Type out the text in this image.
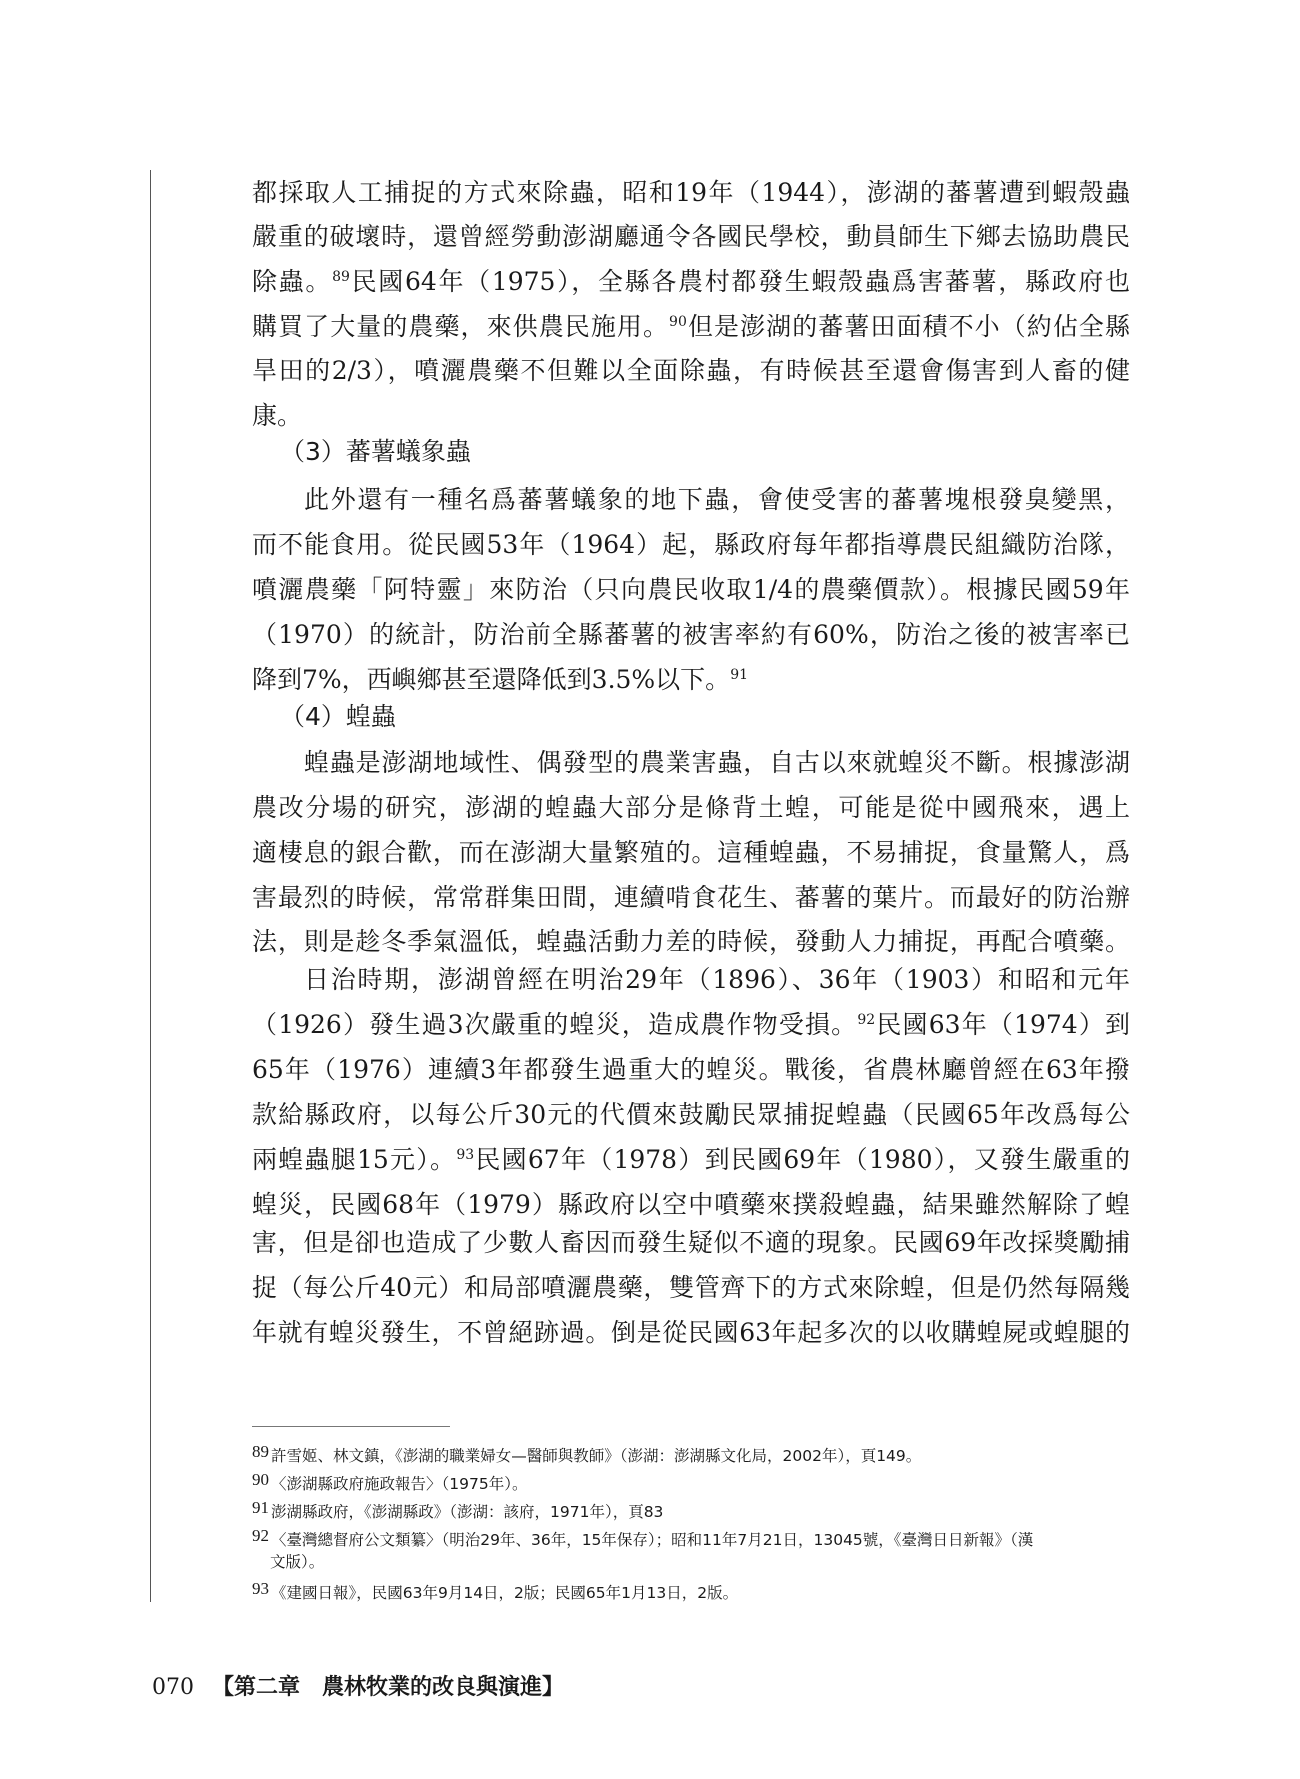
都採取人工捕捉的方式來除蟲，昭和19年（1944），澎湖的蕃薯遭到蝦殼蟲
嚴重的破壞時，還曾經勞動澎湖廳通令各國民學校，動員師生下鄉去協助農民
除蟲。$^{89}$民國64年（1975），全縣各農村都發生蝦殼蟲爲害蕃薯，縣政府也
購買了大量的農藥，來供農民施用。$^{90}$但是澎湖的蕃薯田面積不小（約佔全縣
旱田的2/3），噴灑農藥不但難以全面除蟲，有時候甚至還會傷害到人畜的健
康。
此外還有一種名爲蕃薯蟻象的地下蟲，會使受害的蕃薯塊根發臭變黑，
而不能食用。從民國53年（1964）起，縣政府每年都指導農民組織防治隊，
噴灑農藥「阿特靈」來防治（只向農民收取1/4的農藥價款）。根據民國59年
（1970）的統計，防治前全縣蕃薯的被害率約有60%，防治之後的被害率已
降到7%，西嶼鄉甚至還降低到3.5%以下。$^{91}$
蝗蟲是澎湖地域性、偶發型的農業害蟲，自古以來就蝗災不斷。根據澎湖
農改分場的研究，澎湖的蝗蟲大部分是條背土蝗，可能是從中國飛來，遇上
適棲息的銀合歡，而在澎湖大量繁殖的。這種蝗蟲，不易捕捉，食量驚人，爲
害最烈的時候，常常群集田間，連續啃食花生、蕃薯的葉片。而最好的防治辦
法，則是趁冬季氣溫低，蝗蟲活動力差的時候，發動人力捕捉，再配合噴藥。
日治時期，澎湖曾經在明治29年（1896）、36年（1903）和昭和元年
（1926）發生過3次嚴重的蝗災，造成農作物受損。$^{92}$民國63年（1974）到
65年（1976）連續3年都發生過重大的蝗災。戰後，省農林廳曾經在63年撥
款給縣政府，以每公斤30元的代價來鼓勵民眾捕捉蝗蟲（民國65年改爲每公
兩蝗蟲腿15元）。$^{93}$民國67年（1978）到民國69年（1980），又發生嚴重的
蝗災，民國68年（1979）縣政府以空中噴藥來撲殺蝗蟲，結果雖然解除了蝗
害，但是卻也造成了少數人畜因而發生疑似不適的現象。民國69年改採獎勵捕
捉（每公斤40元）和局部噴灑農藥，雙管齊下的方式來除蝗，但是仍然每隔幾
年就有蝗災發生，不曾絕跡過。倒是從民國63年起多次的以收購蝗屍或蝗腿的
（3）蕃薯蟻象蟲
（4）蝗蟲
89 許雪姬、林文鎮，《澎湖的職業婦女—醫師與教師》（澎湖：澎湖縣文化局，2002年），頁149。
90 〈澎湖縣政府施政報告〉（1975年）。
91 澎湖縣政府，《澎湖縣政》（澎湖：該府，1971年），頁83
92 〈臺灣總督府公文類纂〉（明治29年、36年，15年保存）；昭和11年7月21日，13045號，《臺灣日日新報》（漢
文版）。
93 《建國日報》，民國63年9月14日，2版；民國65年1月13日，2版。
070 【第二章　農林牧業的改良與演進】
